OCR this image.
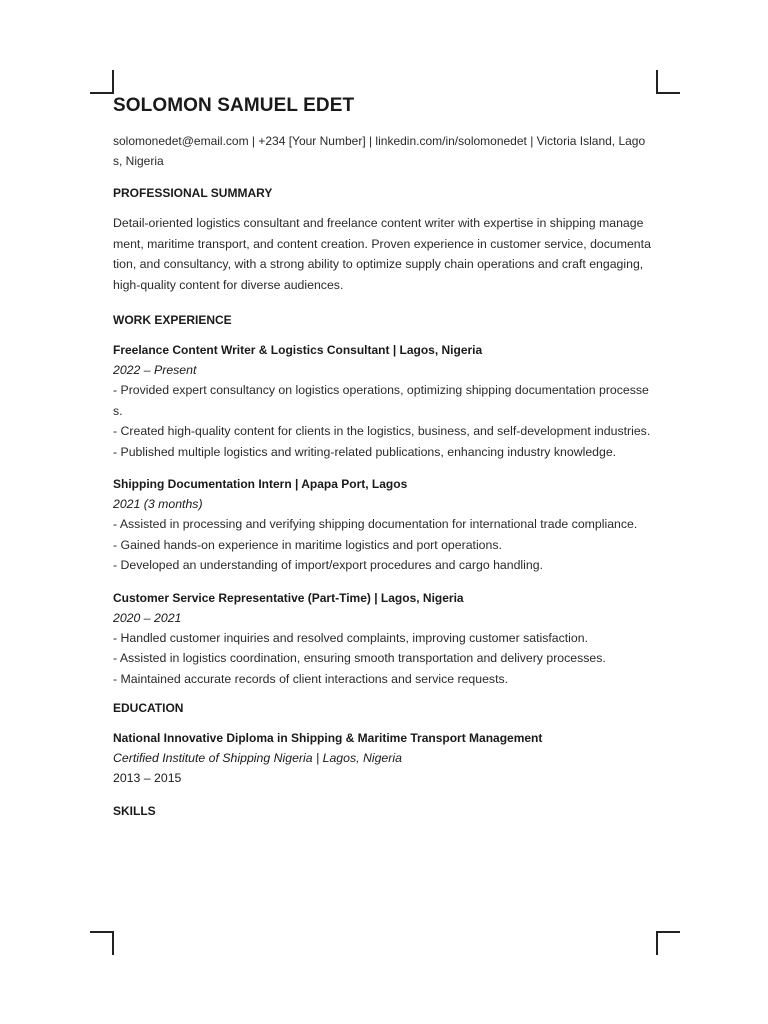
SOLOMON SAMUEL EDET
solomonedet@email.com | +234 [Your Number] | linkedin.com/in/solomonedet | Victoria Island, Lagos, Nigeria
PROFESSIONAL SUMMARY
Detail-oriented logistics consultant and freelance content writer with expertise in shipping management, maritime transport, and content creation. Proven experience in customer service, documentation, and consultancy, with a strong ability to optimize supply chain operations and craft engaging, high-quality content for diverse audiences.
WORK EXPERIENCE
Freelance Content Writer & Logistics Consultant | Lagos, Nigeria
2022 – Present
- Provided expert consultancy on logistics operations, optimizing shipping documentation processes.
- Created high-quality content for clients in the logistics, business, and self-development industries.
- Published multiple logistics and writing-related publications, enhancing industry knowledge.
Shipping Documentation Intern | Apapa Port, Lagos
2021 (3 months)
- Assisted in processing and verifying shipping documentation for international trade compliance.
- Gained hands-on experience in maritime logistics and port operations.
- Developed an understanding of import/export procedures and cargo handling.
Customer Service Representative (Part-Time) | Lagos, Nigeria
2020 – 2021
- Handled customer inquiries and resolved complaints, improving customer satisfaction.
- Assisted in logistics coordination, ensuring smooth transportation and delivery processes.
- Maintained accurate records of client interactions and service requests.
EDUCATION
National Innovative Diploma in Shipping & Maritime Transport Management
Certified Institute of Shipping Nigeria | Lagos, Nigeria
2013 – 2015
SKILLS
